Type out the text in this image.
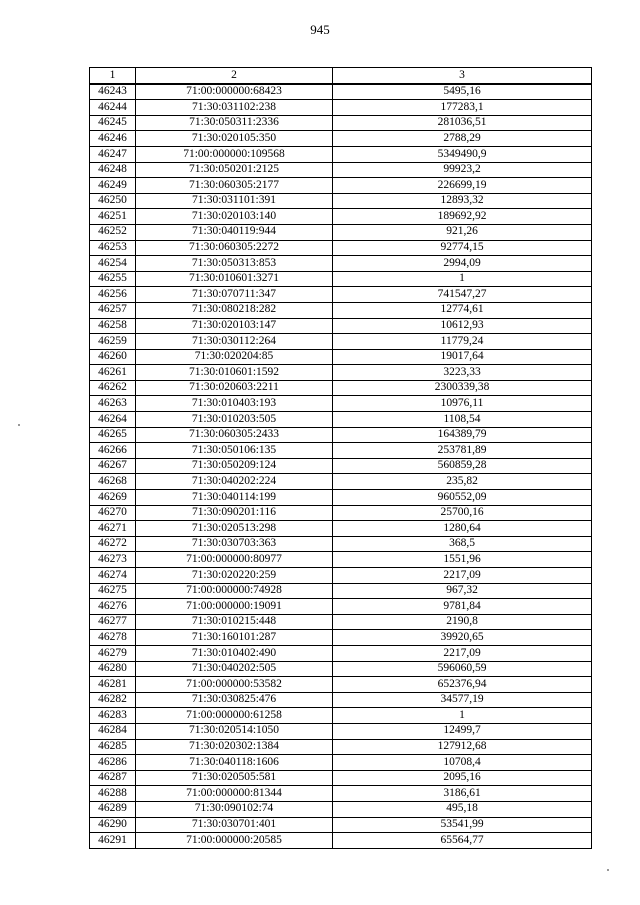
945
1	2	3
46243	71:00:000000:68423	5495,16
46244	71:30:031102:238	177283,1
46245	71:30:050311:2336	281036,51
46246	71:30:020105:350	2788,29
46247	71:00:000000:109568	5349490,9
46248	71:30:050201:2125	99923,2
46249	71:30:060305:2177	226699,19
46250	71:30:031101:391	12893,32
46251	71:30:020103:140	189692,92
46252	71:30:040119:944	921,26
46253	71:30:060305:2272	92774,15
46254	71:30:050313:853	2994,09
46255	71:30:010601:3271	1
46256	71:30:070711:347	741547,27
46257	71:30:080218:282	12774,61
46258	71:30:020103:147	10612,93
46259	71:30:030112:264	11779,24
46260	71:30:020204:85	19017,64
46261	71:30:010601:1592	3223,33
46262	71:30:020603:2211	2300339,38
46263	71:30:010403:193	10976,11
46264	71:30:010203:505	1108,54
46265	71:30:060305:2433	164389,79
46266	71:30:050106:135	253781,89
46267	71:30:050209:124	560859,28
46268	71:30:040202:224	235,82
46269	71:30:040114:199	960552,09
46270	71:30:090201:116	25700,16
46271	71:30:020513:298	1280,64
46272	71:30:030703:363	368,5
46273	71:00:000000:80977	1551,96
46274	71:30:020220:259	2217,09
46275	71:00:000000:74928	967,32
46276	71:00:000000:19091	9781,84
46277	71:30:010215:448	2190,8
46278	71:30:160101:287	39920,65
46279	71:30:010402:490	2217,09
46280	71:30:040202:505	596060,59
46281	71:00:000000:53582	652376,94
46282	71:30:030825:476	34577,19
46283	71:00:000000:61258	1
46284	71:30:020514:1050	12499,7
46285	71:30:020302:1384	127912,68
46286	71:30:040118:1606	10708,4
46287	71:30:020505:581	2095,16
46288	71:00:000000:81344	3186,61
46289	71:30:090102:74	495,18
46290	71:30:030701:401	53541,99
46291	71:00:000000:20585	65564,77
